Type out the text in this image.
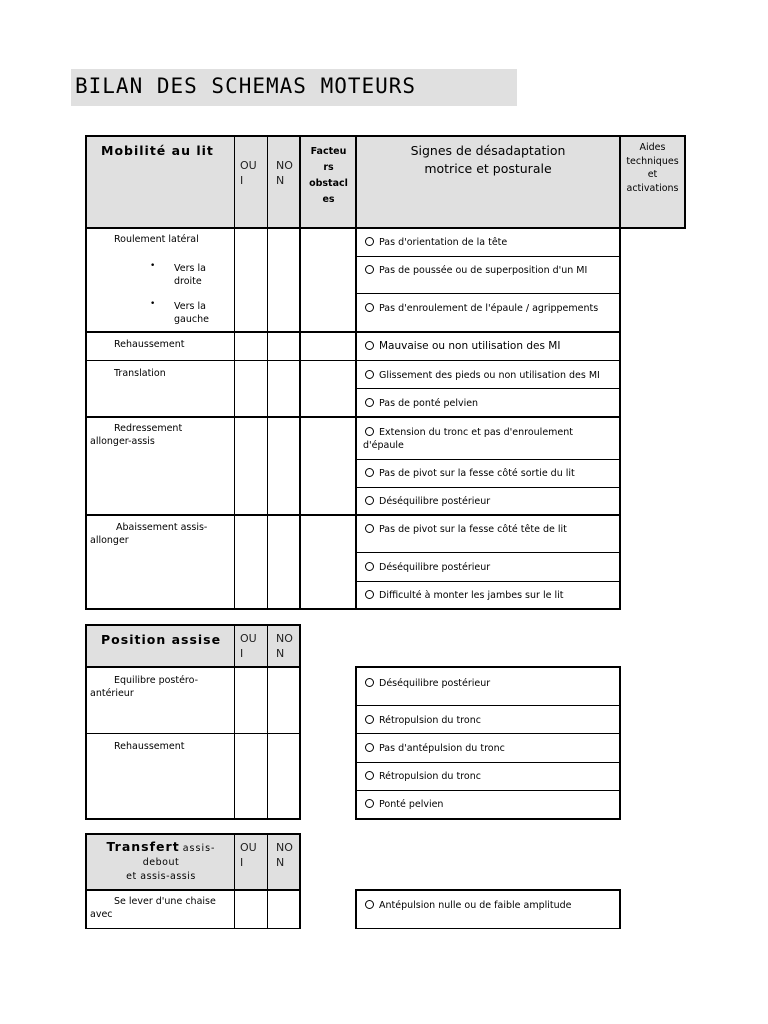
BILAN DES SCHEMAS MOTEURS
Mobilité au lit
OU
I
NO
N
Facteu
rs
obstacl
es
Signes de désadaptation
motrice et posturale
Aides
techniques
et
activations
Roulement latéral
• Vers la
droite
• Vers la
gauche
Rehaussement
Translation
Redressement
allonger-assis
Abaissement assis-
allonger
Pas d'orientation de la tête
Pas de poussée ou de superposition d'un MI
Pas d'enroulement de l'épaule / agrippements
Mauvaise ou non utilisation des MI
Glissement des pieds ou non utilisation des MI
Pas de ponté pelvien
Extension du tronc et pas d'enroulement
d'épaule
Pas de pivot sur la fesse côté sortie du lit
Déséquilibre postérieur
Pas de pivot sur la fesse côté tête de lit
Déséquilibre postérieur
Difficulté à monter les jambes sur le lit
Position assise OU
I
NO
N
Equilibre postéro-
antérieur
Rehaussement
Déséquilibre postérieur
Rétropulsion du tronc
Pas d'antépulsion du tronc
Rétropulsion du tronc
Ponté pelvien
Transfert assis-
debout
et assis-assis
OU
I
NO
N
Se lever d'une chaise
avec
Antépulsion nulle ou de faible amplitude
